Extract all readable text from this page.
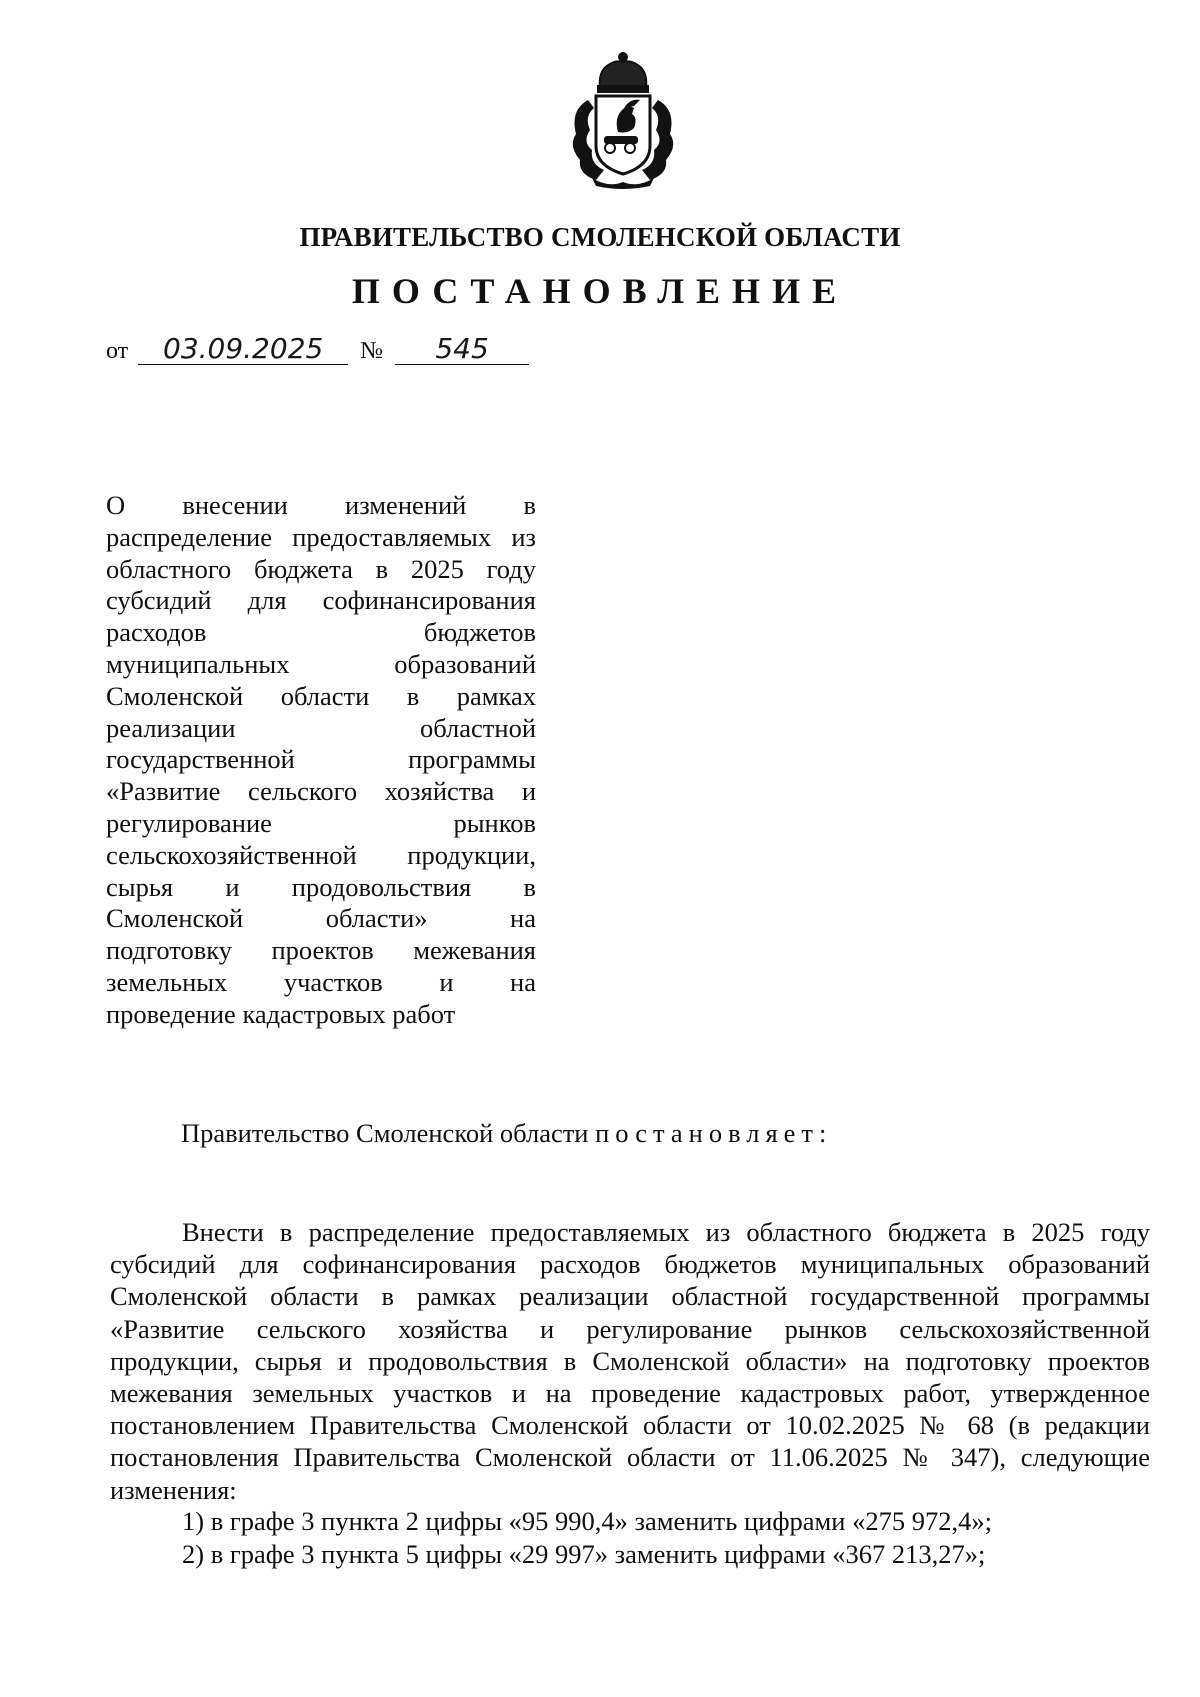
ПРАВИТЕЛЬСТВО СМОЛЕНСКОЙ ОБЛАСТИ
ПОСТАНОВЛЕНИЕ
от 03.09.2025 № 545
О внесении изменений в
распределение предоставляемых из
областного бюджета в 2025 году
субсидий для софинансирования
расходов бюджетов
муниципальных образований
Смоленской области в рамках
реализации областной
государственной программы
«Развитие сельского хозяйства и
регулирование рынков
сельскохозяйственной продукции,
сырья и продовольствия в
Смоленской области» на
подготовку проектов межевания
земельных участков и на
проведение кадастровых работ
Правительство Смоленской области постановляет:
Внести в распределение предоставляемых из областного бюджета в 2025 году
субсидий для софинансирования расходов бюджетов муниципальных образований
Смоленской области в рамках реализации областной государственной программы
«Развитие сельского хозяйства и регулирование рынков сельскохозяйственной
продукции, сырья и продовольствия в Смоленской области» на подготовку проектов
межевания земельных участков и на проведение кадастровых работ, утвержденное
постановлением Правительства Смоленской области от 10.02.2025 № 68 (в редакции
постановления Правительства Смоленской области от 11.06.2025 № 347), следующие
изменения:
1) в графе 3 пункта 2 цифры «95 990,4» заменить цифрами «275 972,4»;
2) в графе 3 пункта 5 цифры «29 997» заменить цифрами «367 213,27»;
